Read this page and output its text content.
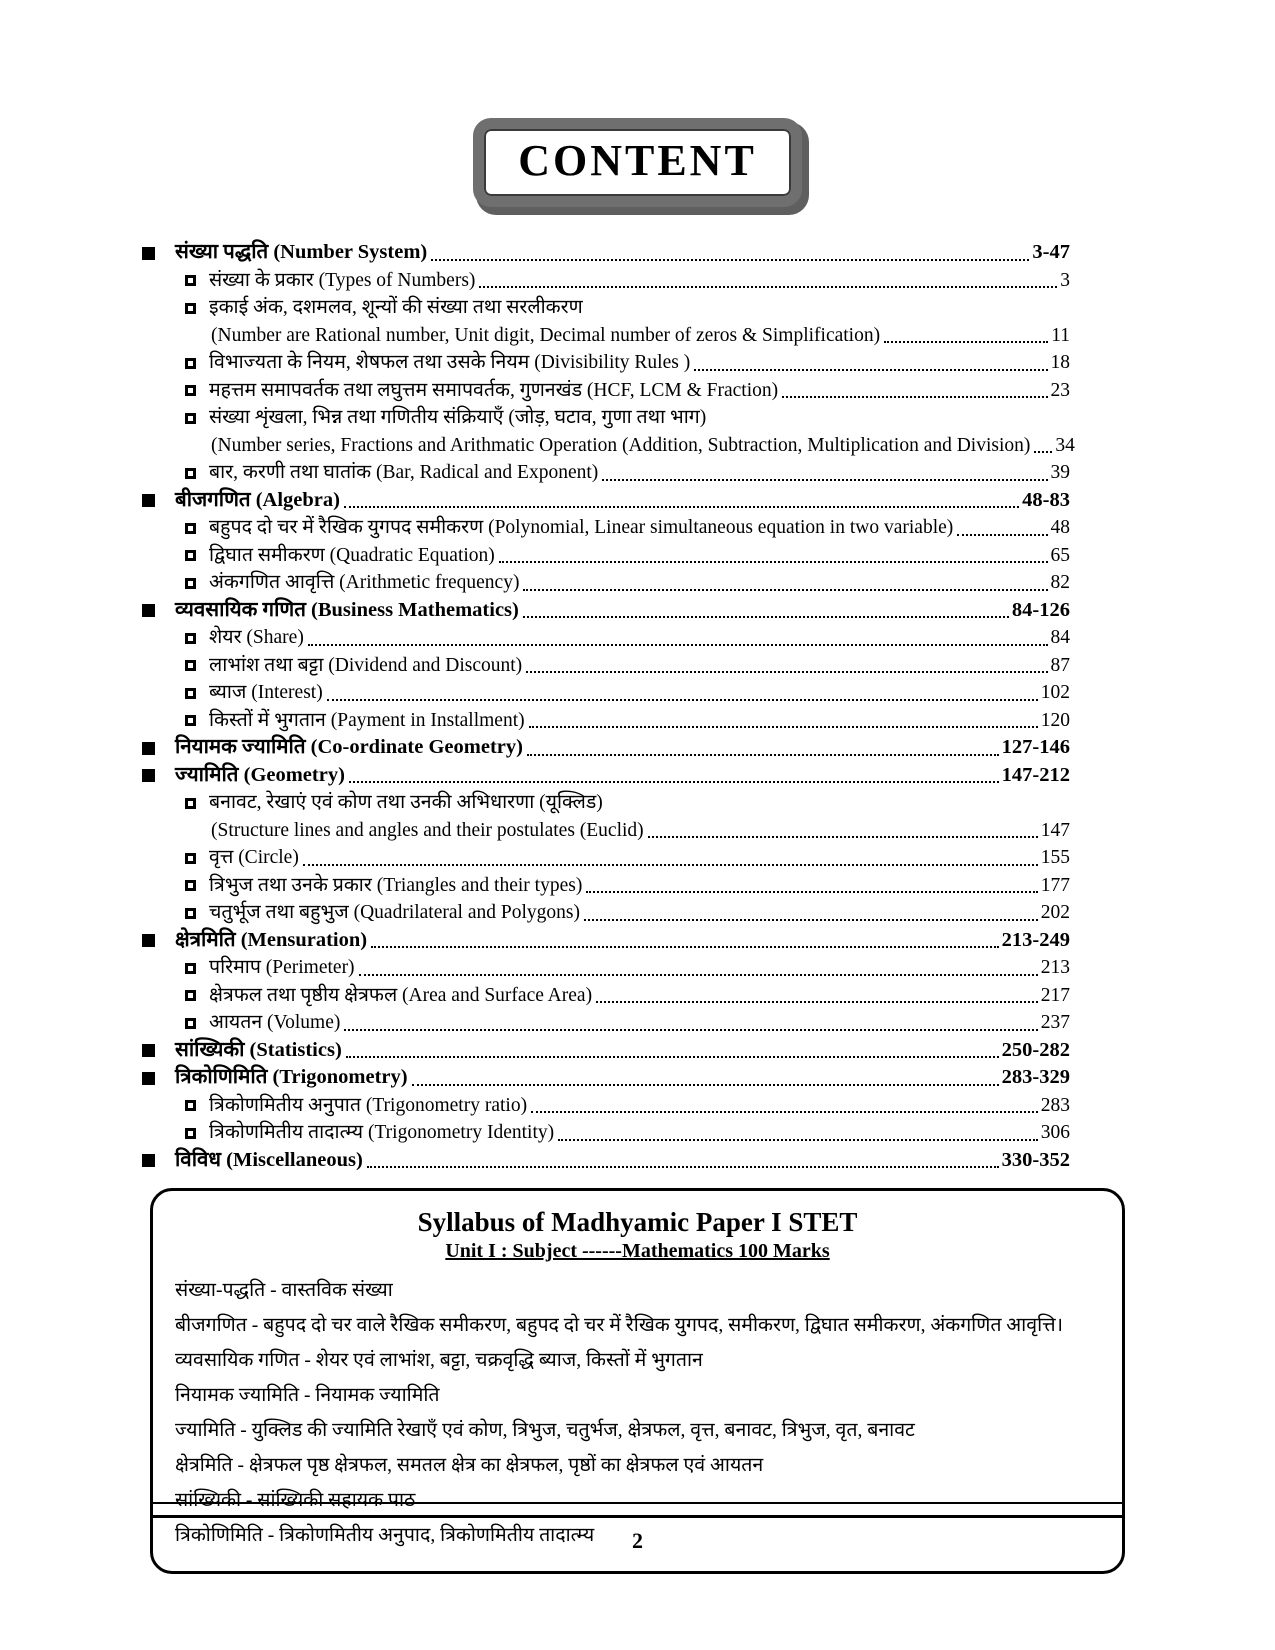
CONTENT
संख्या पद्धति (Number System)	3-47
संख्या के प्रकार (Types of Numbers)	3
इकाई अंक, दशमलव, शून्यों की संख्या तथा सरलीकरण
(Number are Rational number, Unit digit, Decimal number of zeros & Simplification)	11
विभाज्यता के नियम, शेषफल तथा उसके नियम (Divisibility Rules )	18
महत्तम समापवर्तक तथा लघुत्तम समापवर्तक, गुणनखंड (HCF, LCM & Fraction)	23
संख्या शृंखला, भिन्न तथा गणितीय संक्रियाएँ (जोड़, घटाव, गुणा तथा भाग)
(Number series, Fractions and Arithmatic Operation (Addition, Subtraction, Multiplication and Division) 34
बार, करणी तथा घातांक (Bar, Radical and Exponent)	39
बीजगणित (Algebra)	48-83
बहुपद दो चर में रैखिक युगपद समीकरण (Polynomial, Linear simultaneous equation in two variable)	48
द्विघात समीकरण (Quadratic Equation)	65
अंकगणित आवृत्ति (Arithmetic frequency)	82
व्यवसायिक गणित (Business Mathematics)	84-126
शेयर (Share)	84
लाभांश तथा बट्टा (Dividend and Discount)	87
ब्याज (Interest)	102
किस्तों में भुगतान (Payment in Installment)	120
नियामक ज्यामिति (Co-ordinate Geometry)	127-146
ज्यामिति (Geometry)	147-212
बनावट, रेखाएं एवं कोण तथा उनकी अभिधारणा (यूक्लिड)
(Structure lines and angles and their postulates (Euclid)	147
वृत्त (Circle)	155
त्रिभुज तथा उनके प्रकार (Triangles and their types)	177
चतुर्भूज तथा बहुभुज (Quadrilateral and Polygons)	202
क्षेत्रमिति (Mensuration)	213-249
परिमाप (Perimeter)	213
क्षेत्रफल तथा पृष्ठीय क्षेत्रफल (Area and Surface Area)	217
आयतन (Volume)	237
सांख्यिकी (Statistics)	250-282
त्रिकोणिमिति (Trigonometry)	283-329
त्रिकोणमितीय अनुपात (Trigonometry ratio)	283
त्रिकोणमितीय तादात्म्य (Trigonometry Identity)	306
विविध (Miscellaneous)	330-352
Syllabus of Madhyamic Paper I STET
Unit I : Subject ------Mathematics 100 Marks
संख्या-पद्धति - वास्तविक संख्या
बीजगणित - बहुपद दो चर वाले रैखिक समीकरण, बहुपद दो चर में रैखिक युगपद, समीकरण, द्विघात समीकरण, अंकगणित आवृत्ति।
व्यवसायिक गणित - शेयर एवं लाभांश, बट्टा, चक्रवृद्धि ब्याज, किस्तों में भुगतान
नियामक ज्यामिति - नियामक ज्यामिति
ज्यामिति - युक्लिड की ज्यामिति रेखाएँ एवं कोण, त्रिभुज, चतुर्भज, क्षेत्रफल, वृत्त, बनावट, त्रिभुज, वृत, बनावट
क्षेत्रमिति - क्षेत्रफल पृष्ठ क्षेत्रफल, समतल क्षेत्र का क्षेत्रफल, पृष्ठों का क्षेत्रफल एवं आयतन
सांख्यिकी - सांख्यिकी सहायक पाठ
त्रिकोणिमिति - त्रिकोणमितीय अनुपाद, त्रिकोणमितीय तादात्म्य	2
